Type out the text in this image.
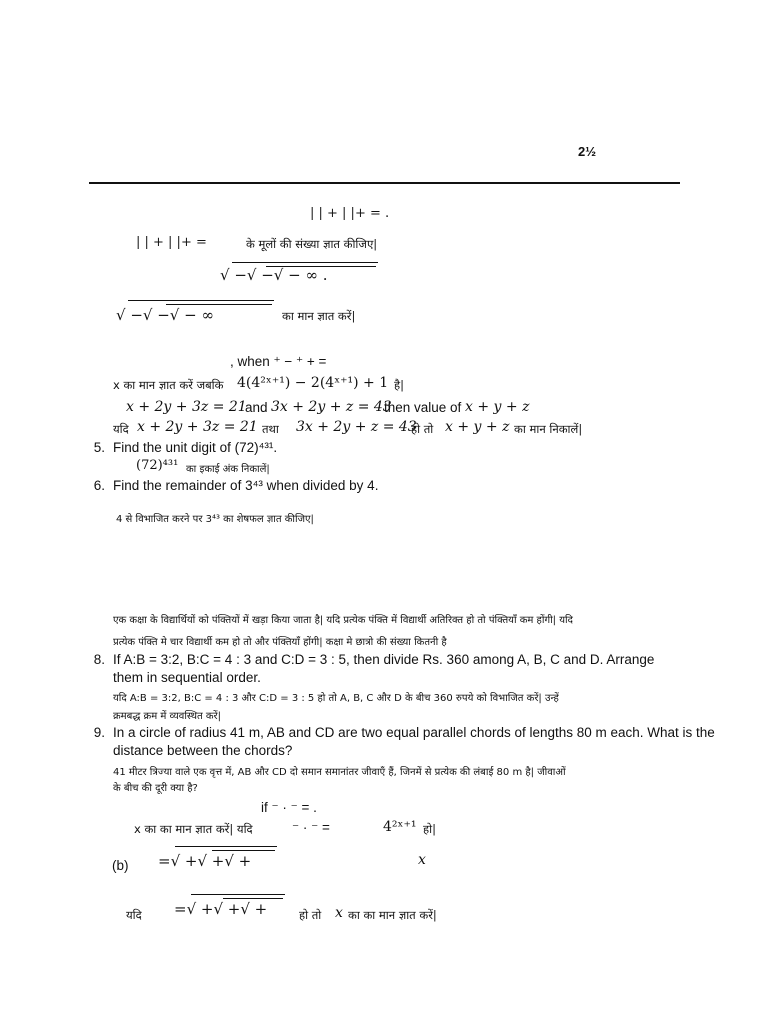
2½
| | + | |+ = .
| | + | |+ =	के मूलों की संख्या ज्ञात कीजिए|
√ −√ −√ − ∞ .
√ −√ −√ − ∞	का मान ज्ञात करें|
, when ⁺ − ⁺ + =
x का मान ज्ञात करें जबकि 4(4²ˣ⁺¹) − 2(4ˣ⁺¹) + 1 है|
x + 2y + 3z = 21
and 3x + 2y + z = 43
then value of x + y + z
यदि x + 2y + 3z = 21 तथा 3x + 2y + z = 43
हो तो x + y + z का मान निकालें|
5. Find the unit digit of (72)⁴³¹.
(72)⁴³¹ का इकाई अंक निकालें|
6. Find the remainder of 3⁴³ when divided by 4.
4 से विभाजित करने पर 3⁴³ का शेषफल ज्ञात कीजिए|
एक कक्षा के विद्यार्थियों को पंक्तियों में खड़ा किया जाता है| यदि प्रत्येक पंक्ति में विद्यार्थी अतिरिक्त हो तो पंक्तियाँ कम होंगी| यदि
प्रत्येक पंक्ति मे चार विद्यार्थी कम हो तो और पंक्तियाँ होंगी| कक्षा मे छात्रो की संख्या कितनी है
8. If A:B = 3:2, B:C = 4 : 3 and C:D = 3 : 5, then divide Rs. 360 among A, B, C and D. Arrange
them in sequential order.
यदि A:B = 3:2, B:C = 4 : 3 और C:D = 3 : 5 हो तो A, B, C और D के बीच 360 रुपये को विभाजित करें| उन्हें
क्रमबद्ध क्रम में व्यवस्थित करें|
9. In a circle of radius 41 m, AB and CD are two equal parallel chords of lengths 80 m each. What is the
distance between the chords?
41 मीटर त्रिज्या वाले एक वृत्त में, AB और CD दो समान समानांतर जीवाएँ हैं, जिनमें से प्रत्येक की लंबाई 80 m है| जीवाओं
के बीच की दूरी क्या है?
if ⁻ · ⁻ = .
x का का मान ज्ञात करें| यदि	⁻ · ⁻ =	4²ˣ⁺¹ हो|
(b) =√ +√ +√ +	x
यदि =√ +√ +√ +	हो तो x का का मान ज्ञात करें|
